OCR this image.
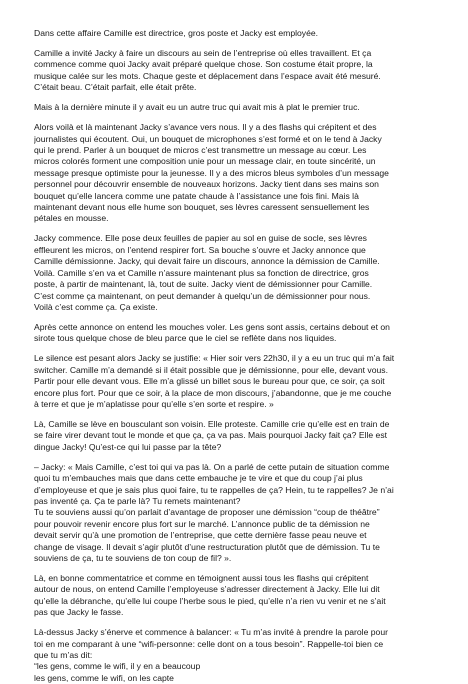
Dans cette affaire Camille est directrice, gros poste et Jacky est employée.
Camille a invité Jacky à faire un discours au sein de l’entreprise où elles travaillent. Et ça
commence comme quoi Jacky avait préparé quelque chose. Son costume était propre, la
musique calée sur les mots. Chaque geste et déplacement dans l’espace avait été mesuré.
C’était beau. C’était parfait, elle était prête.
Mais à la dernière minute il y avait eu un autre truc qui avait mis à plat le premier truc.
Alors voilà et là maintenant Jacky s’avance vers nous. Il y a des flashs qui crépitent et des
journalistes qui écoutent. Oui, un bouquet de microphones s’est formé et on le tend à Jacky
qui le prend. Parler à un bouquet de micros c’est transmettre un message au cœur. Les
micros colorés forment une composition unie pour un message clair, en toute sincérité, un
message presque optimiste pour la jeunesse. Il y a des micros bleus symboles d’un message
personnel pour découvrir ensemble de nouveaux horizons. Jacky tient dans ses mains son
bouquet qu’elle lancera comme une patate chaude à l’assistance une fois fini. Mais là
maintenant devant nous elle hume son bouquet, ses lèvres caressent sensuellement les
pétales en mousse.
Jacky commence. Elle pose deux feuilles de papier au sol en guise de socle, ses lèvres
effleurent les micros, on l’entend respirer fort. Sa bouche s’ouvre et Jacky annonce que
Camille démissionne. Jacky, qui devait faire un discours, annonce la démission de Camille.
Voilà. Camille s’en va et Camille n’assure maintenant plus sa fonction de directrice, gros
poste, à partir de maintenant, là, tout de suite. Jacky vient de démissionner pour Camille.
C’est comme ça maintenant, on peut demander à quelqu’un de démissionner pour nous.
Voilà c’est comme ça. Ça existe.
Après cette annonce on entend les mouches voler. Les gens sont assis, certains debout et on
sirote tous quelque chose de bleu parce que le ciel se reflète dans nos liquides.
Le silence est pesant alors Jacky se justifie: « Hier soir vers 22h30, il y a eu un truc qui m’a fait
switcher. Camille m’a demandé si il était possible que je démissionne, pour elle, devant vous.
Partir pour elle devant vous. Elle m’a glissé un billet sous le bureau pour que, ce soir, ça soit
encore plus fort. Pour que ce soir, à la place de mon discours, j’abandonne, que je me couche
à terre et que je m’aplatisse pour qu’elle s’en sorte et respire. »
Là, Camille se lève en bousculant son voisin. Elle proteste. Camille crie qu’elle est en train de
se faire virer devant tout le monde et que ça, ça va pas. Mais pourquoi Jacky fait ça? Elle est
dingue Jacky! Qu’est-ce qui lui passe par la tête?
– Jacky: « Mais Camille, c’est toi qui va pas là. On a parlé de cette putain de situation comme
quoi tu m’embauches mais que dans cette embauche je te vire et que du coup j’ai plus
d’employeuse et que je sais plus quoi faire, tu te rappelles de ça? Hein, tu te rappelles? Je n’ai
pas inventé ça. Ça te parle là? Tu remets maintenant?
Tu te souviens aussi qu’on parlait d’avantage de proposer une démission “coup de théâtre”
pour pouvoir revenir encore plus fort sur le marché. L’annonce public de ta démission ne
devait servir qu’à une promotion de l’entreprise, que cette dernière fasse peau neuve et
change de visage. Il devait s’agir plutôt d’une restructuration plutôt que de démission. Tu te
souviens de ça, tu te souviens de ton coup de fil? ».
Là, en bonne commentatrice et comme en témoignent aussi tous les flashs qui crépitent
autour de nous, on entend Camille l’employeuse s’adresser directement à Jacky. Elle lui dit
qu’elle la débranche, qu’elle lui coupe l’herbe sous le pied, qu’elle n’a rien vu venir et ne s’ait
pas que Jacky le fasse.
Là-dessus Jacky s’énerve et commence à balancer: « Tu m’as invité à prendre la parole pour
toi en me comparant à une “wifi-personne: celle dont on a tous besoin”. Rappelle-toi bien ce
que tu m’as dit:
“les gens, comme le wifi, il y en a beaucoup
les gens, comme le wifi, on les capte
